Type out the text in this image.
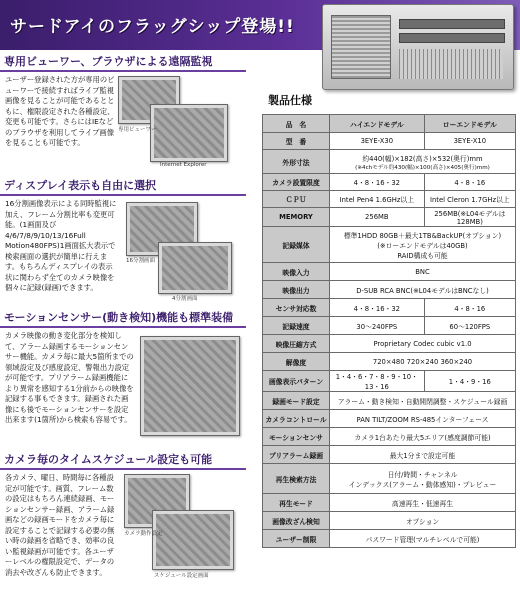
サードアイのフラッグシップ登場!!
専用ビューワー、ブラウザによる遠隔監視
ユーザー登録された方が専用のビューワーで接続すればライブ監視画像を見ることが可能であるとともに、権限設定された各種設定、変更も可能です。さらにはIEなどのブラウザを利用してライブ画像を見ることも可能です。
専用ビューワー
Internet Explorer
ディスプレイ表示も自由に選択
16分割画像表示による同時監視に加え、フレーム分割比率も変更可能。(1画面及び4/6/7/8/9/10/13/16Full Motion480FPS)1画面拡大表示で検索画面の選択が簡単に行えます。もちろんディスプレイの表示状に関わらず全てのカメラ映像を個々に記録(録画)できます。
16分割画面
4分割画面
モーションセンサー(動き検知)機能も標準装備
カメラ映像の動き変化部分を検知して、アラーム録画するモーションセンサー機能。カメラ毎に最大5箇所までの領域設定及び感度設定、警報出力設定が可能です。プリアラーム録画機能により異常を感知する1分前からの映像を記録する事もできます。録画された画像にも後でモーションセンサーを設定出来ます(1箇所)から検索も容易です。
カメラ毎のタイムスケジュール設定も可能
各カメラ、曜日、時間毎に各種設定が可能です。画質、フレーム数の設定はもちろん連続録画、モーションセンサー録画、アラーム録画などの録画モードをカメラ毎に設定することで記録する必要の無い時の録画を省略でき、効率の良い監視録画が可能です。各ユーザーレベルの権限設定で、データの消去や改ざんも防止できます。
カメラ動作設定
スケジュール設定画面
製品仕様
品　名	ハイエンドモデル	ローエンドモデル
型　番	3EYE-X30	3EYE-X10
外形寸法	約440(幅)×182(高さ)×532(奥行)mm
(※4chモデル約430(幅)×100(高さ)×405(奥行)mm)	
カメラ設置限度	4・8・16・32	4・8・16
ＣＰＵ	Intel Pen4 1.6GHz以上	Intel Cleron 1.7GHz以上
MEMORY	256MB	256MB(※L04モデルは128MB)
記録媒体	標準1HDD 80GB＋最大1TB&BackUP(オプション)
(※ローエンドモデルは40GB)
RAID構成も可能	
映像入力	BNC	
映像出力	D-SUB RCA BNC(※L04モデルはBNCなし)	
センサ対応数	4・8・16・32	4・8・16
記録速度	30～240FPS	60～120FPS
映像圧縮方式	Proprietary Codec cubic v1.0	
解像度	720×480 720×240 360×240	
画像表示パターン	1・4・6・7・8・9・10・13・16	1・4・9・16
録画モード設定	アラーム・動き検知・自動開閉調整・スケジュール録画	
カメラコントロール	PAN TILT/ZOOM RS-485インターフェース	
モーションセンサ	カメラ1台あたり最大5エリア(感度調節可能)	
プリアラーム録画	最大1分まで設定可能	
再生検索方法	日付/時間・チャンネル
インデックス(アラーム・動体感知)・プレビュー	
再生モード	高速再生・低速再生	
画像改ざん検知	オプション	
ユーザー制限	パスワード管理(マルチレベルで可能)	
